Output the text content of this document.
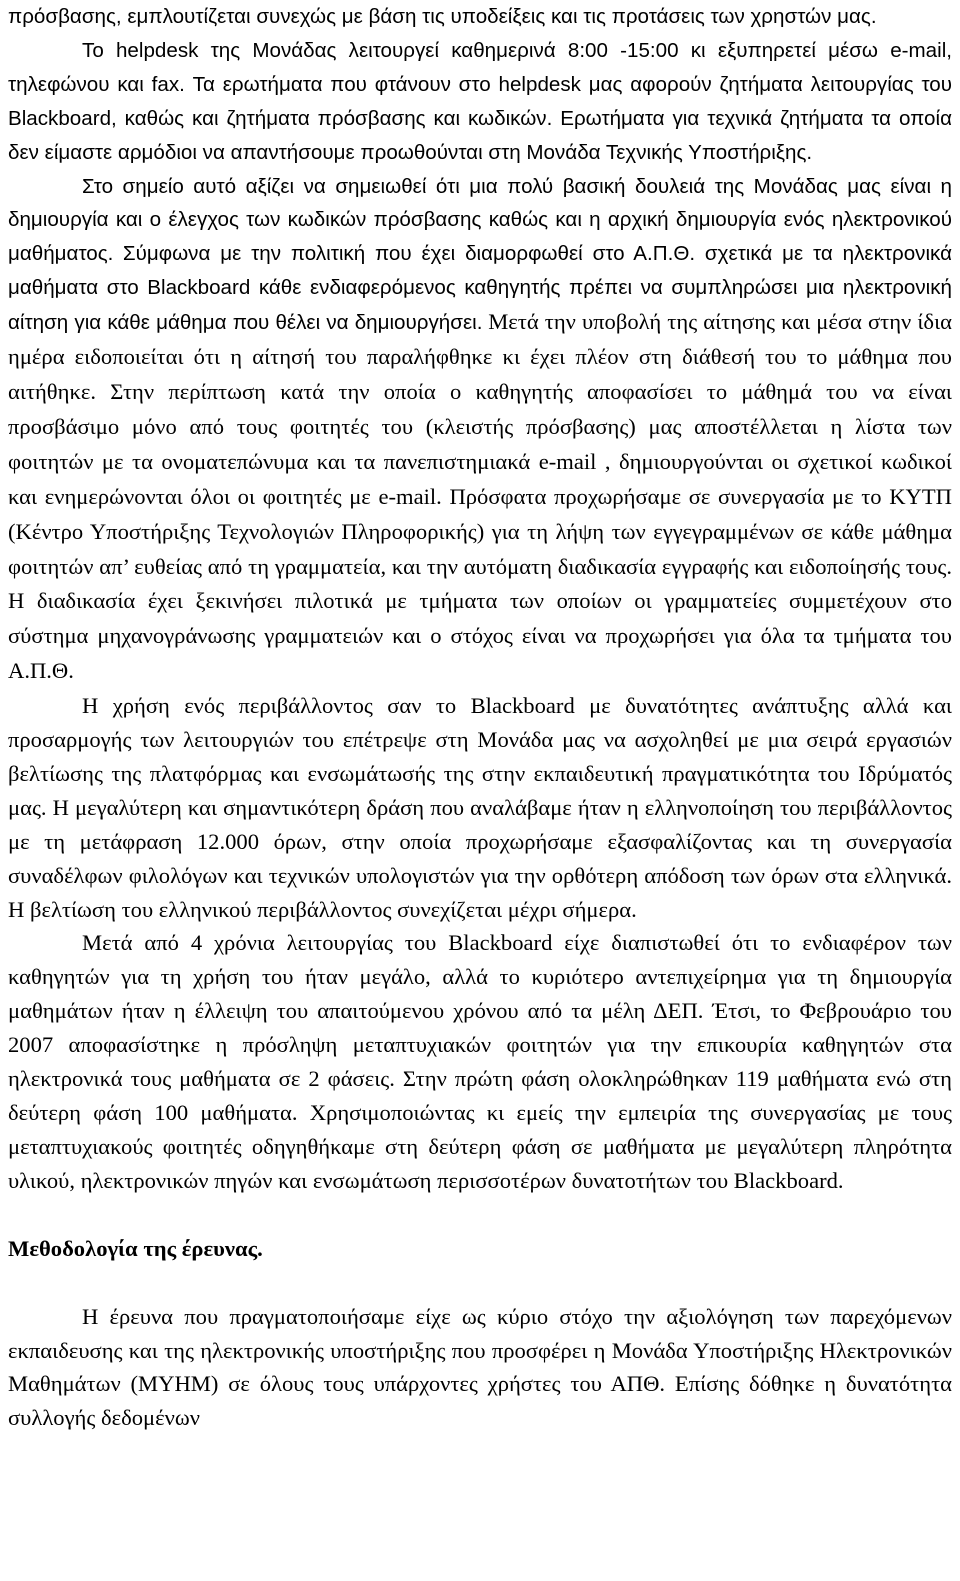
πρόσβασης, εμπλουτίζεται συνεχώς με βάση τις υποδείξεις και τις προτάσεις των χρηστών μας.

Το helpdesk της Μονάδας λειτουργεί καθημερινά 8:00 -15:00 κι εξυπηρετεί μέσω e-mail, τηλεφώνου και fax. Τα ερωτήματα που φτάνουν στο helpdesk μας αφορούν ζητήματα λειτουργίας του Blackboard, καθώς και ζητήματα πρόσβασης και κωδικών. Ερωτήματα για τεχνικά ζητήματα τα οποία δεν είμαστε αρμόδιοι να απαντήσουμε προωθούνται στη Μονάδα Τεχνικής Υποστήριξης.

Στο σημείο αυτό αξίζει να σημειωθεί ότι μια πολύ βασική δουλειά της Μονάδας μας είναι η δημιουργία και ο έλεγχος των κωδικών πρόσβασης καθώς και η αρχική δημιουργία ενός ηλεκτρονικού μαθήματος. Σύμφωνα με την πολιτική που έχει διαμορφωθεί στο Α.Π.Θ. σχετικά με τα ηλεκτρονικά μαθήματα στο Blackboard κάθε ενδιαφερόμενος καθηγητής πρέπει να συμπληρώσει μια ηλεκτρονική αίτηση για κάθε μάθημα που θέλει να δημιουργήσει. Μετά την υποβολή της αίτησης και μέσα στην ίδια ημέρα ειδοποιείται ότι η αίτησή του παραλήφθηκε κι έχει πλέον στη διάθεσή του το μάθημα που αιτήθηκε. Στην περίπτωση κατά την οποία ο καθηγητής αποφασίσει το μάθημά του να είναι προσβάσιμο μόνο από τους φοιτητές του (κλειστής πρόσβασης) μας αποστέλλεται η λίστα των φοιτητών με τα ονοματεπώνυμα και τα πανεπιστημιακά e-mail , δημιουργούνται οι σχετικοί κωδικοί και ενημερώνονται όλοι οι φοιτητές με e-mail. Πρόσφατα προχωρήσαμε σε συνεργασία με το ΚΥΤΠ (Κέντρο Υποστήριξης Τεχνολογιών Πληροφορικής) για τη λήψη των εγγεγραμμένων σε κάθε μάθημα φοιτητών απ’ ευθείας από τη γραμματεία, και την αυτόματη διαδικασία εγγραφής και ειδοποίησής τους. Η διαδικασία έχει ξεκινήσει πιλοτικά με τμήματα των οποίων οι γραμματείες συμμετέχουν στο σύστημα μηχανογράνωσης γραμματειών και ο στόχος είναι να προχωρήσει για όλα τα τμήματα του Α.Π.Θ.

Η χρήση ενός περιβάλλοντος σαν το Blackboard με δυνατότητες ανάπτυξης αλλά και προσαρμογής των λειτουργιών του επέτρεψε στη Μονάδα μας να ασχοληθεί με μια σειρά εργασιών βελτίωσης της πλατφόρμας και ενσωμάτωσής της στην εκπαιδευτική πραγματικότητα του Ιδρύματός μας. Η μεγαλύτερη και σημαντικότερη δράση που αναλάβαμε ήταν η ελληνοποίηση του περιβάλλοντος με τη μετάφραση 12.000 όρων, στην οποία προχωρήσαμε εξασφαλίζοντας και τη συνεργασία συναδέλφων φιλολόγων και τεχνικών υπολογιστών για την ορθότερη απόδοση των όρων στα ελληνικά. Η βελτίωση του ελληνικού περιβάλλοντος συνεχίζεται μέχρι σήμερα.

Μετά από 4 χρόνια λειτουργίας του Blackboard είχε διαπιστωθεί ότι το ενδιαφέρον των καθηγητών για τη χρήση του ήταν μεγάλο, αλλά το κυριότερο αντεπιχείρημα για τη δημιουργία μαθημάτων ήταν η έλλειψη του απαιτούμενου χρόνου από τα μέλη ΔΕΠ. Έτσι, το Φεβρουάριο του 2007 αποφασίστηκε η πρόσληψη μεταπτυχιακών φοιτητών για την επικουρία καθηγητών στα ηλεκτρονικά τους μαθήματα σε 2 φάσεις. Στην πρώτη φάση ολοκληρώθηκαν 119 μαθήματα ενώ στη δεύτερη φάση 100 μαθήματα. Χρησιμοποιώντας κι εμείς την εμπειρία της συνεργασίας με τους μεταπτυχιακούς φοιτητές οδηγηθήκαμε στη δεύτερη φάση σε μαθήματα με μεγαλύτερη πληρότητα υλικού, ηλεκτρονικών πηγών και ενσωμάτωση περισσοτέρων δυνατοτήτων του Blackboard.

Μεθοδολογία της έρευνας.

Η έρευνα που πραγματοποιήσαμε είχε ως κύριο στόχο την αξιολόγηση των παρεχόμενων εκπαιδευσης και της ηλεκτρονικής υποστήριξης που προσφέρει η Μονάδα Υποστήριξης Ηλεκτρονικών Μαθημάτων (ΜΥΗΜ) σε όλους τους υπάρχοντες χρήστες του ΑΠΘ. Επίσης δόθηκε η δυνατότητα συλλογής δεδομένων
